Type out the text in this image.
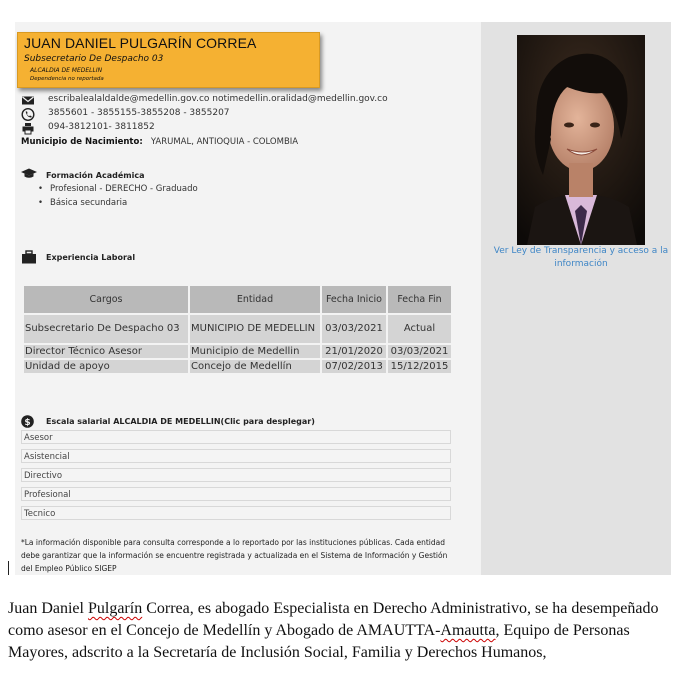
JUAN DANIEL PULGARÍN CORREA
Subsecretario De Despacho 03
ALCALDIA DE MEDELLIN
Dependencia no reportada
escribalealaldalde@medellin.gov.co notimedellin.oralidad@medellin.gov.co
3855601 - 3855155-3855208 - 3855207
094-3812101- 3811852
Municipio de Nacimiento: YARUMAL, ANTIOQUIA - COLOMBIA
Formación Académica
• Profesional - DERECHO - Graduado
• Básica secundaria
Experiencia Laboral
Cargos	Entidad	Fecha Inicio	Fecha Fin
Subsecretario De Despacho 03	MUNICIPIO DE MEDELLIN	03/03/2021	Actual
Director Técnico Asesor	Municipio de Medellin	21/01/2020	03/03/2021
Unidad de apoyo	Concejo de Medellín	07/02/2013	15/12/2015
$ Escala salarial ALCALDIA DE MEDELLIN(Clic para desplegar)
Asesor
Asistencial
Directivo
Profesional
Tecnico
*La información disponible para consulta corresponde a lo reportado por las instituciones públicas. Cada entidad debe garantizar que la información se encuentre registrada y actualizada en el Sistema de Información y Gestión del Empleo Público SIGEP
Ver Ley de Transparencia y acceso a la información
Juan Daniel Pulgarín Correa, es abogado Especialista en Derecho Administrativo, se ha desempeñado como asesor en el Concejo de Medellín y Abogado de AMAUTTA-Amautta, Equipo de Personas Mayores, adscrito a la Secretaría de Inclusión Social, Familia y Derechos Humanos,
